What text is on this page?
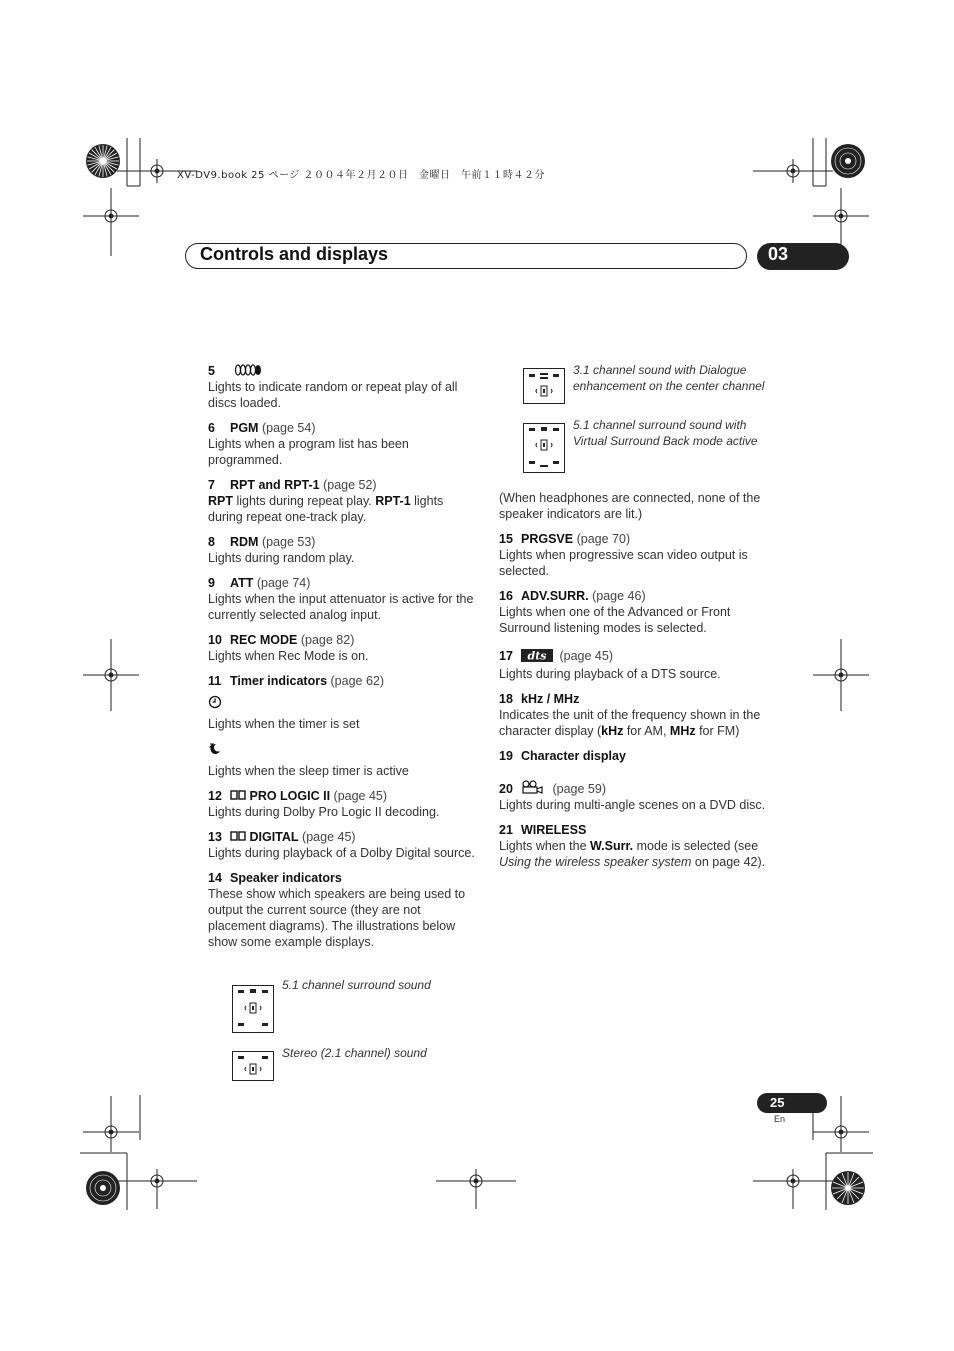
XV-DV9.book 25 ページ ２００４年２月２０日　金曜日　午前１１時４２分
Controls and displays	03

5

Lights to indicate random or repeat play of all discs loaded.

6 PGM (page 54)

Lights when a program list has been programmed.

7 RPT and RPT-1 (page 52)

RPT lights during repeat play. RPT-1 lights during repeat one-track play.

8 RDM (page 53)

Lights during random play.

9 ATT (page 74)

Lights when the input attenuator is active for the currently selected analog input.

10 REC MODE (page 82)

Lights when Rec Mode is on.

11 Timer indicators (page 62)

Lights when the timer is set

Lights when the sleep timer is active

12 PRO LOGIC II (page 45)

Lights during Dolby Pro Logic II decoding.

13 DIGITAL (page 45)

Lights during playback of a Dolby Digital source.

14 Speaker indicators

These show which speakers are being used to output the current source (they are not placement diagrams). The illustrations below show some example displays.

5.1 channel surround sound
Stereo (2.1 channel) sound
3.1 channel sound with Dialogue enhancement on the center channel
5.1 channel surround sound with Virtual Surround Back mode active

(When headphones are connected, none of the speaker indicators are lit.)

15 PRGSVE (page 70)

Lights when progressive scan video output is selected.

16 ADV.SURR. (page 46)

Lights when one of the Advanced or Front Surround listening modes is selected.

17 dts (page 45)

Lights during playback of a DTS source.

18 kHz / MHz

Indicates the unit of the frequency shown in the character display (kHz for AM, MHz for FM)

19 Character display

20	(page 59)

Lights during multi-angle scenes on a DVD disc.

21 WIRELESS

Lights when the W.Surr. mode is selected (see Using the wireless speaker system on page 42).

25
En
